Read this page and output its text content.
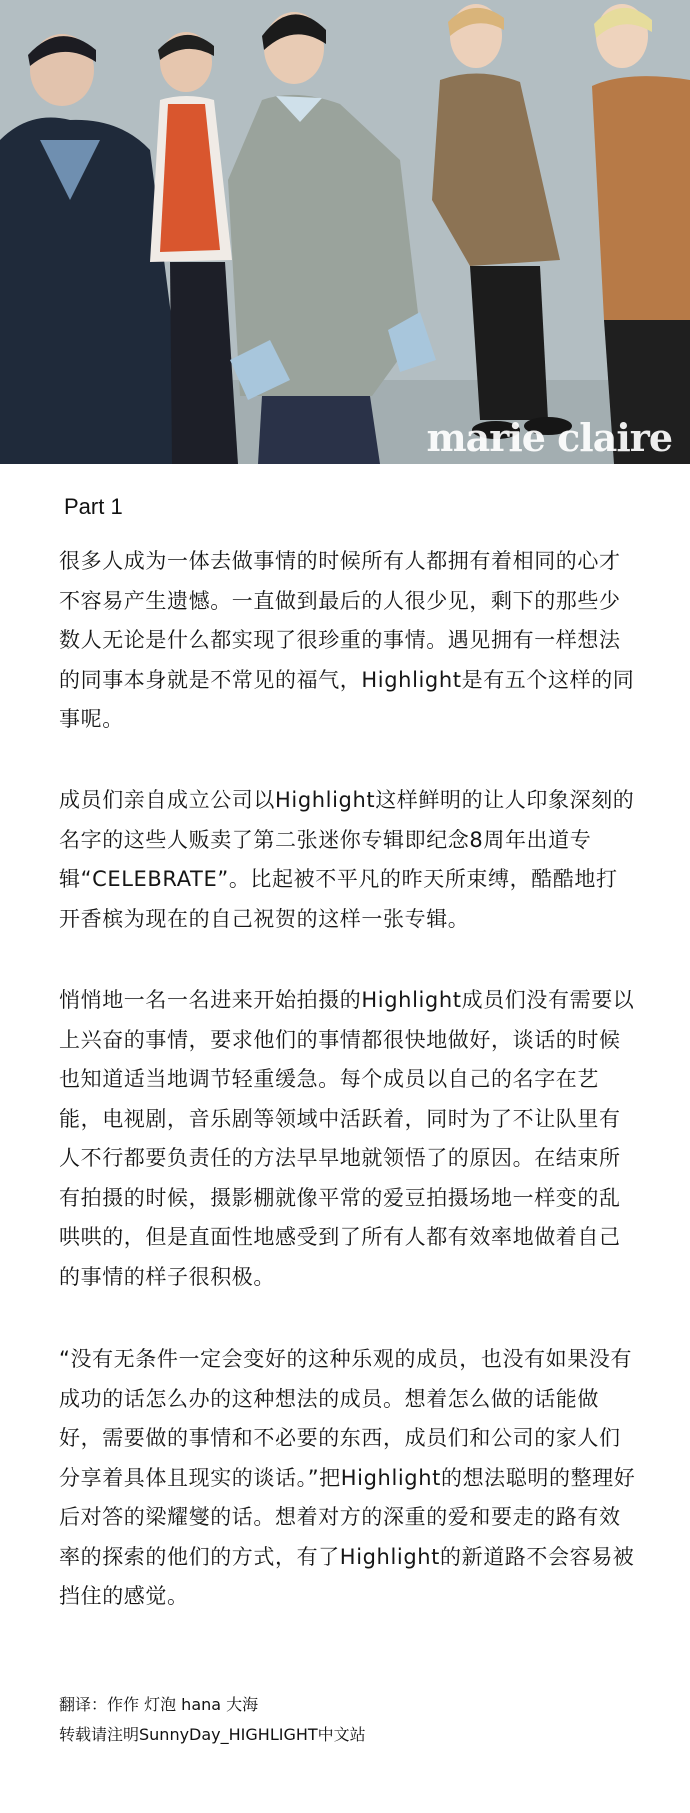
marie claire
Part 1

很多人成为一体去做事情的时候所有人都拥有着相同的心才不容易产生遗憾。一直做到最后的人很少见，剩下的那些少数人无论是什么都实现了很珍重的事情。遇见拥有一样想法的同事本身就是不常见的福气，Highlight是有五个这样的同事呢。

成员们亲自成立公司以Highlight这样鲜明的让人印象深刻的名字的这些人贩卖了第二张迷你专辑即纪念8周年出道专辑“CELEBRATE”。比起被不平凡的昨天所束缚，酷酷地打开香槟为现在的自己祝贺的这样一张专辑。

悄悄地一名一名进来开始拍摄的Highlight成员们没有需要以上兴奋的事情，要求他们的事情都很快地做好，谈话的时候也知道适当地调节轻重缓急。每个成员以自己的名字在艺能，电视剧，音乐剧等领域中活跃着，同时为了不让队里有人不行都要负责任的方法早早地就领悟了的原因。在结束所有拍摄的时候，摄影棚就像平常的爱豆拍摄场地一样变的乱哄哄的，但是直面性地感受到了所有人都有效率地做着自己的事情的样子很积极。

“没有无条件一定会变好的这种乐观的成员，也没有如果没有成功的话怎么办的这种想法的成员。想着怎么做的话能做好，需要做的事情和不必要的东西，成员们和公司的家人们分享着具体且现实的谈话。”把Highlight的想法聪明的整理好后对答的梁耀燮的话。想着对方的深重的爱和要走的路有效率的探索的他们的方式，有了Highlight的新道路不会容易被挡住的感觉。

翻译：作作 灯泡 hana 大海
转载请注明SunnyDay_HIGHLIGHT中文站
